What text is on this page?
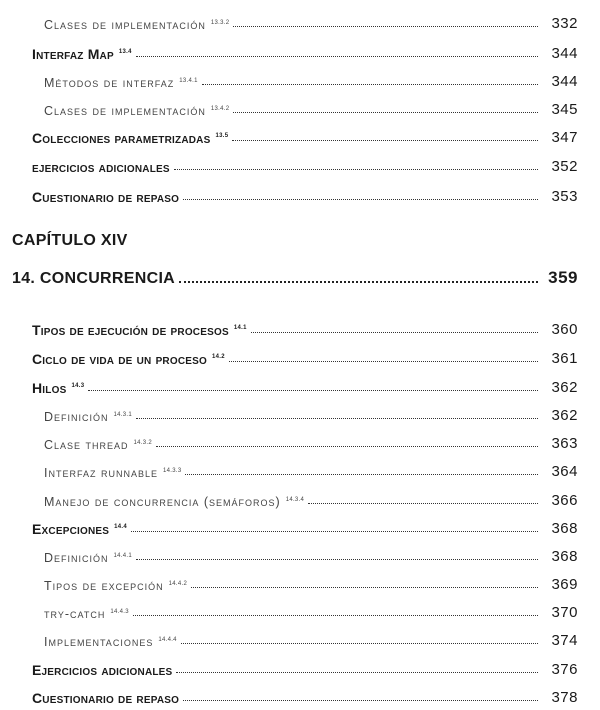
Clases de implementación $^{13.3.2}$	332
Interfaz Map $^{13.4}$	344
Métodos de interfaz $^{13.4.1}$	344
Clases de implementación $^{13.4.2}$	345
Colecciones parametrizadas $^{13.5}$	347
ejercicios adicionales	352
Cuestionario de repaso	353
CAPÍTULO XIV
14. CONCURRENCIA	359
Tipos de ejecución de procesos $^{14.1}$	360
Ciclo de vida de un proceso $^{14.2}$	361
Hilos $^{14.3}$	362
Definición $^{14.3.1}$	362
Clase thread $^{14.3.2}$	363
Interfaz runnable $^{14.3.3}$	364
Manejo de concurrencia (semáforos) $^{14.3.4}$	366
Excepciones $^{14.4}$	368
Definición $^{14.4.1}$	368
Tipos de excepción $^{14.4.2}$	369
try-catch $^{14.4.3}$	370
Implementaciones $^{14.4.4}$	374
Ejercicios adicionales	376
Cuestionario de repaso	378
